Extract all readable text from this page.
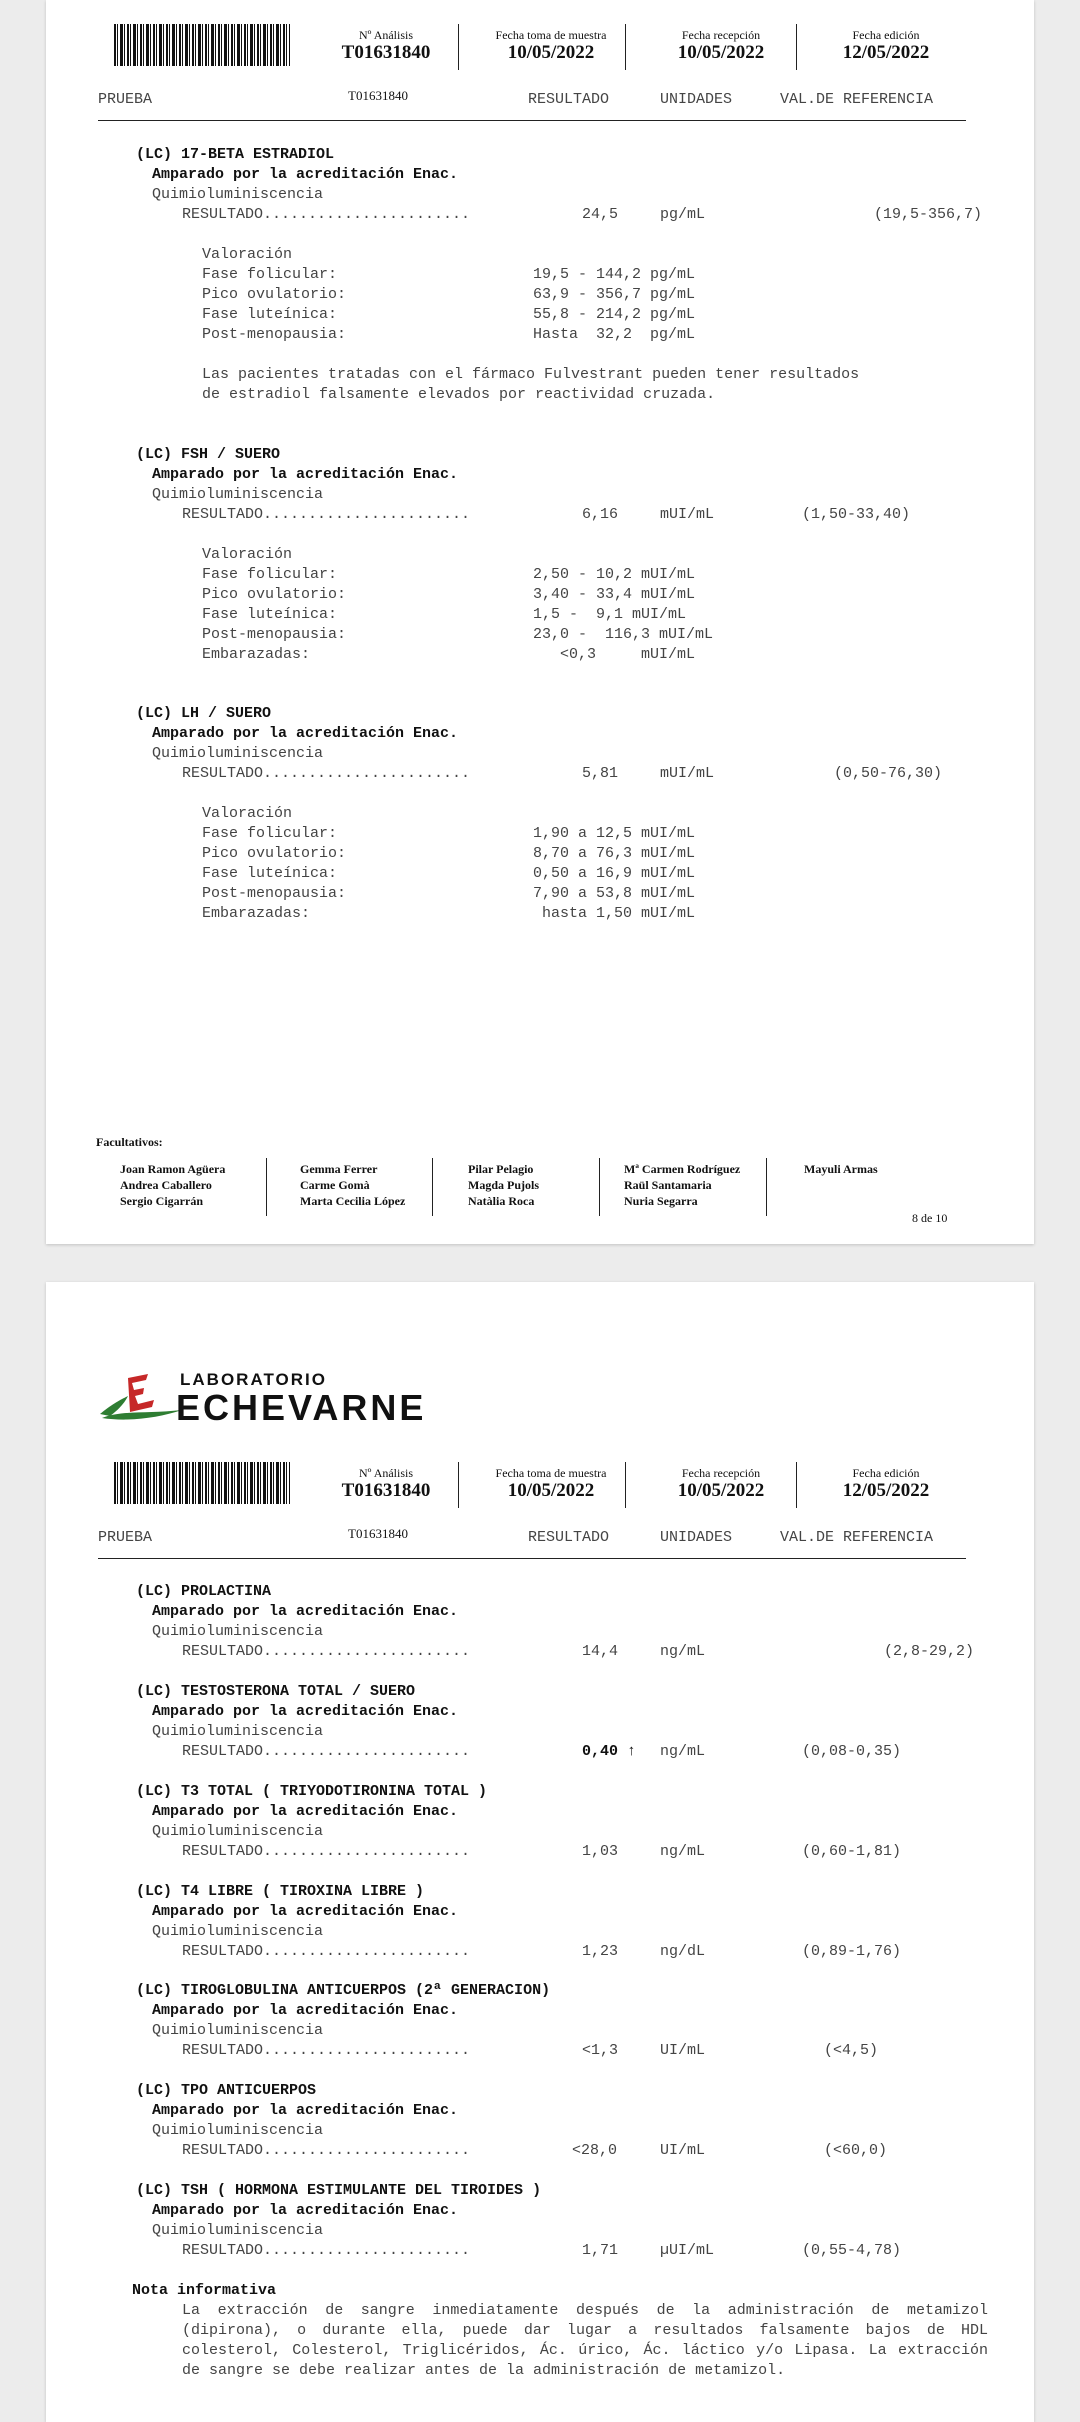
Nº Análisis
T01631840
Fecha toma de muestra
10/05/2022
Fecha recepción
10/05/2022
Fecha edición
12/05/2022
PRUEBA	T01631840	RESULTADO	UNIDADES	VAL.DE REFERENCIA
(LC) 17-BETA ESTRADIOL
Amparado por la acreditación Enac.
Quimioluminiscencia
RESULTADO.......................	24,5	pg/mL	(19,5-356,7)
Valoración
Fase folicular:	19,5 - 144,2 pg/mL
Pico ovulatorio:	63,9 - 356,7 pg/mL
Fase luteínica:	55,8 - 214,2 pg/mL
Post-menopausia:	Hasta  32,2  pg/mL
Las pacientes tratadas con el fármaco Fulvestrant pueden tener resultados
de estradiol falsamente elevados por reactividad cruzada.
(LC) FSH / SUERO
Amparado por la acreditación Enac.
Quimioluminiscencia
RESULTADO.......................	6,16	mUI/mL	(1,50-33,40)
Valoración
Fase folicular:	2,50 - 10,2 mUI/mL
Pico ovulatorio:	3,40 - 33,4 mUI/mL
Fase luteínica:	1,5 -  9,1 mUI/mL
Post-menopausia:	23,0 -  116,3 mUI/mL
Embarazadas:	<0,3     mUI/mL
(LC) LH / SUERO
Amparado por la acreditación Enac.
Quimioluminiscencia
RESULTADO.......................	5,81	mUI/mL	(0,50-76,30)
Valoración
Fase folicular:	1,90 a 12,5 mUI/mL
Pico ovulatorio:	8,70 a 76,3 mUI/mL
Fase luteínica:	0,50 a 16,9 mUI/mL
Post-menopausia:	7,90 a 53,8 mUI/mL
Embarazadas:	hasta 1,50 mUI/mL
Facultativos:
Joan Ramon Agüera
Andrea Caballero
Sergio Cigarrán
Gemma Ferrer
Carme Gomà
Marta Cecilia López
Pilar Pelagio
Magda Pujols
Natàlia Roca
Mª Carmen Rodríguez
Raül Santamaria
Nuria Segarra
Mayuli Armas
8 de 10
LABORATORIO
ECHEVARNE
Nº Análisis
T01631840
Fecha toma de muestra
10/05/2022
Fecha recepción
10/05/2022
Fecha edición
12/05/2022
PRUEBA	T01631840	RESULTADO	UNIDADES	VAL.DE REFERENCIA
(LC) PROLACTINA
Amparado por la acreditación Enac.
Quimioluminiscencia
RESULTADO.......................	14,4	ng/mL	(2,8-29,2)
(LC) TESTOSTERONA TOTAL / SUERO
Amparado por la acreditación Enac.
Quimioluminiscencia
RESULTADO.......................	0,40 ↑ ng/mL	(0,08-0,35)
(LC) T3 TOTAL ( TRIYODOTIRONINA TOTAL )
Amparado por la acreditación Enac.
Quimioluminiscencia
RESULTADO.......................	1,03	ng/mL	(0,60-1,81)
(LC) T4 LIBRE ( TIROXINA LIBRE )
Amparado por la acreditación Enac.
Quimioluminiscencia
RESULTADO.......................	1,23	ng/dL	(0,89-1,76)
(LC) TIROGLOBULINA ANTICUERPOS (2ª GENERACION)
Amparado por la acreditación Enac.
Quimioluminiscencia
RESULTADO.......................	<1,3	UI/mL	(<4,5)
(LC) TPO ANTICUERPOS
Amparado por la acreditación Enac.
Quimioluminiscencia
RESULTADO.......................	<28,0	UI/mL	(<60,0)
(LC) TSH ( HORMONA ESTIMULANTE DEL TIROIDES )
Amparado por la acreditación Enac.
Quimioluminiscencia
RESULTADO.......................	1,71	µUI/mL	(0,55-4,78)
Nota informativa
La extracción de sangre inmediatamente después de la administración de metamizol (dipirona), o durante ella, puede dar lugar a resultados falsamente bajos de HDL colesterol, Colesterol, Triglicéridos, Ác. úrico, Ác. láctico y/o Lipasa. La extracción de sangre se debe realizar antes de la administración de metamizol.
